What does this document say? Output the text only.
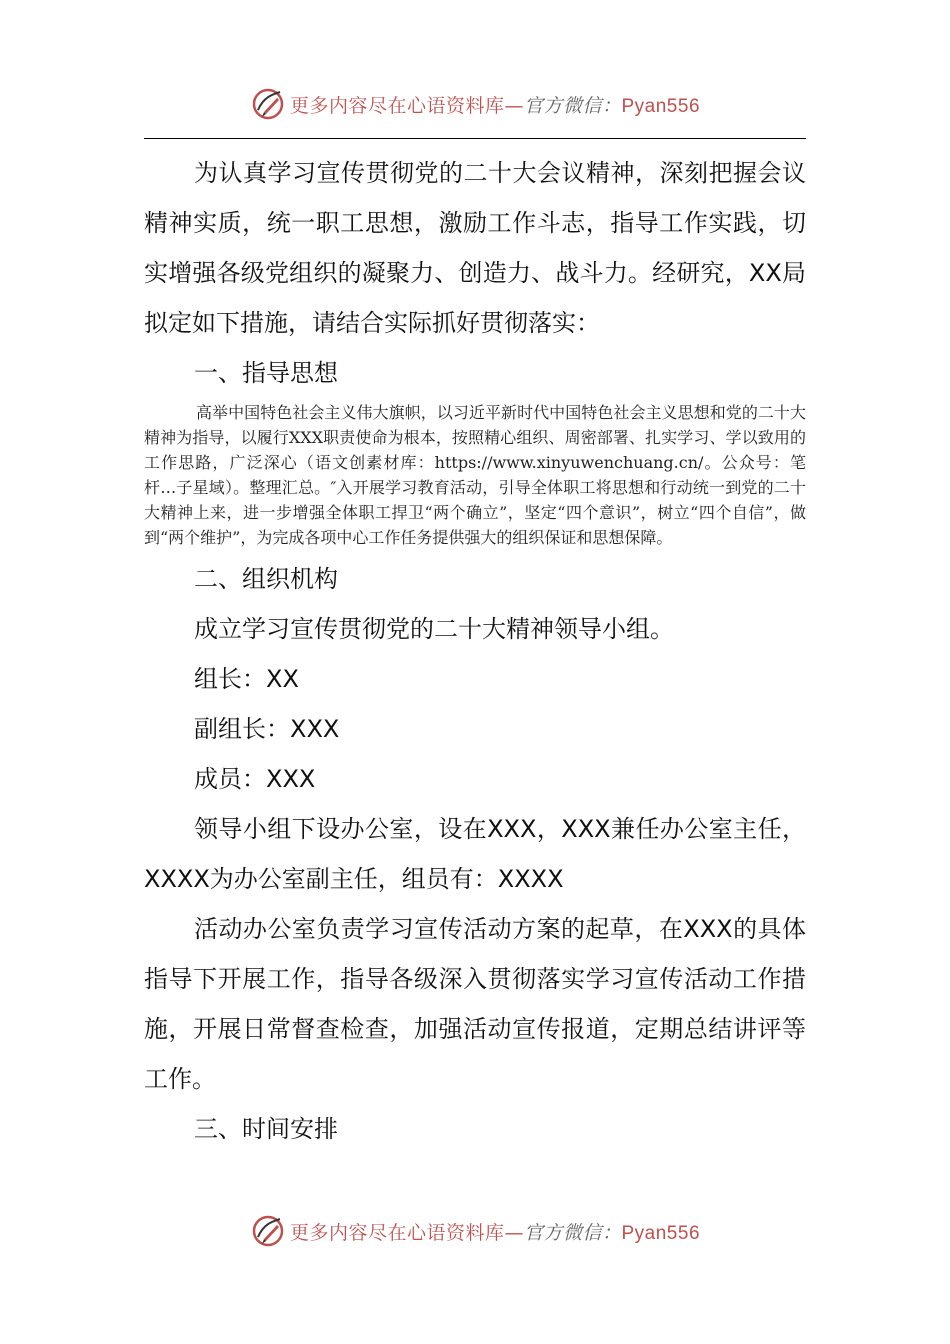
更多内容尽在心语资料库—官方微信：Pyan556

为认真学习宣传贯彻党的二十大会议精神，深刻把握会议精神实质，统一职工思想，激励工作斗志，指导工作实践，切实增强各级党组织的凝聚力、创造力、战斗力。经研究，XX局拟定如下措施，请结合实际抓好贯彻落实：

一、指导思想

高举中国特色社会主义伟大旗帜，以习近平新时代中国特色社会主义思想和党的二十大精神为指导，以履行XXX职责使命为根本，按照精心组织、周密部署、扎实学习、学以致用的工作思路，广泛深心（语文创素材库：https://www.xinyuwenchuang.cn/。公众号：笔杆…子星域）。整理汇总。″入开展学习教育活动，引导全体职工将思想和行动统一到党的二十大精神上来，进一步增强全体职工捍卫“两个确立”，坚定“四个意识”，树立“四个自信”，做到“两个维护”，为完成各项中心工作任务提供强大的组织保证和思想保障。

二、组织机构

成立学习宣传贯彻党的二十大精神领导小组。

组长：XX

副组长：XXX

成员：XXX

领导小组下设办公室，设在XXX，XXX兼任办公室主任，XXXX为办公室副主任，组员有：XXXX

活动办公室负责学习宣传活动方案的起草，在XXX的具体指导下开展工作，指导各级深入贯彻落实学习宣传活动工作措施，开展日常督查检查，加强活动宣传报道，定期总结讲评等工作。

三、时间安排

更多内容尽在心语资料库—官方微信：Pyan556
